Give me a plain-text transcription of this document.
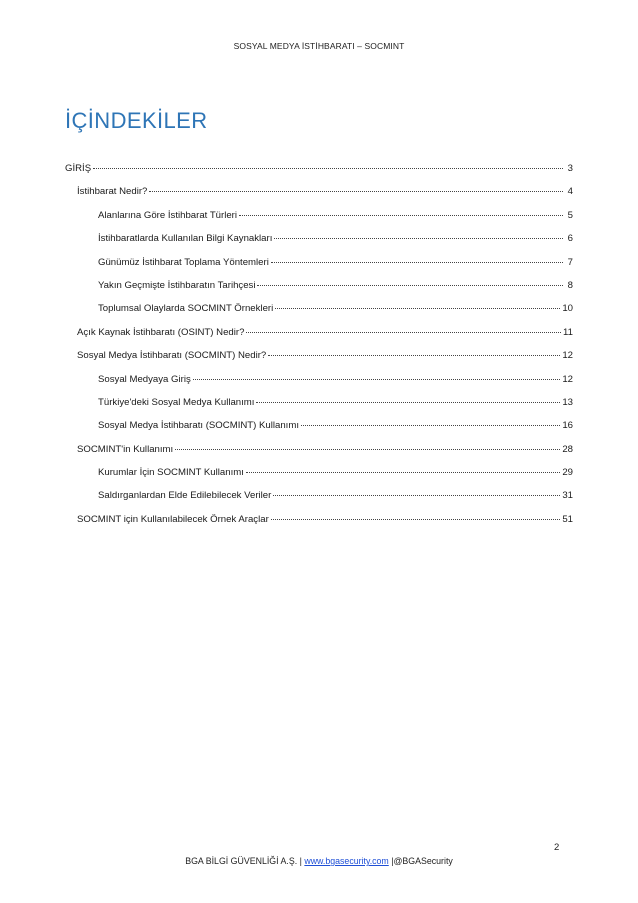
SOSYAL MEDYA İSTİHBARATI – SOCMINT
İÇİNDEKİLER
GİRİŞ	3
İstihbarat Nedir?	4
Alanlarına Göre İstihbarat Türleri	5
İstihbaratlarda Kullanılan Bilgi Kaynakları	6
Günümüz İstihbarat Toplama Yöntemleri	7
Yakın Geçmişte İstihbaratın Tarihçesi	8
Toplumsal Olaylarda SOCMINT Örnekleri	10
Açık Kaynak İstihbaratı (OSINT) Nedir?	11
Sosyal Medya İstihbaratı (SOCMINT) Nedir?	12
Sosyal Medyaya Giriş	12
Türkiye'deki Sosyal Medya Kullanımı	13
Sosyal Medya İstihbaratı (SOCMINT) Kullanımı	16
SOCMINT'in Kullanımı	28
Kurumlar İçin SOCMINT Kullanımı	29
Saldırganlardan Elde Edilebilecek Veriler	31
SOCMINT için Kullanılabilecek Örnek Araçlar	51
2
BGA BİLGİ GÜVENLİĞİ A.Ş. | www.bgasecurity.com |@BGASecurity
